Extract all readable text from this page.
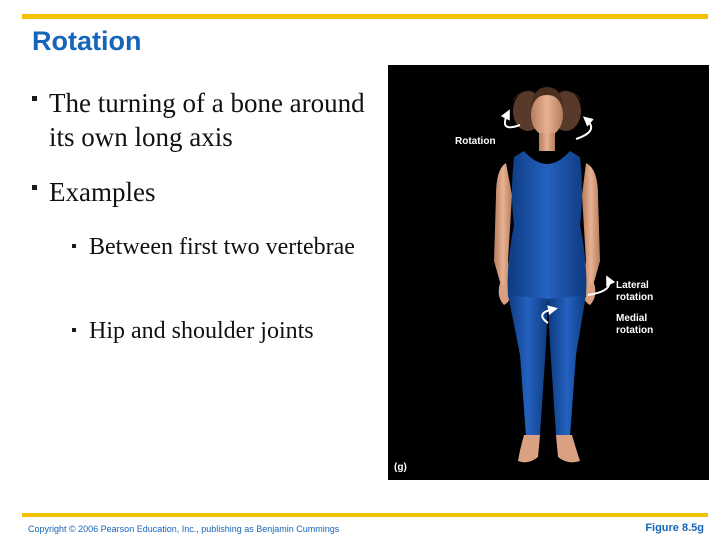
Rotation
The turning of a bone around its own long axis
Examples
Between first two vertebrae
Hip and shoulder joints
Rotation
Lateral rotation
Medial rotation
(g)
Copyright © 2006 Pearson Education, Inc., publishing as Benjamin Cummings	Figure 8.5g
